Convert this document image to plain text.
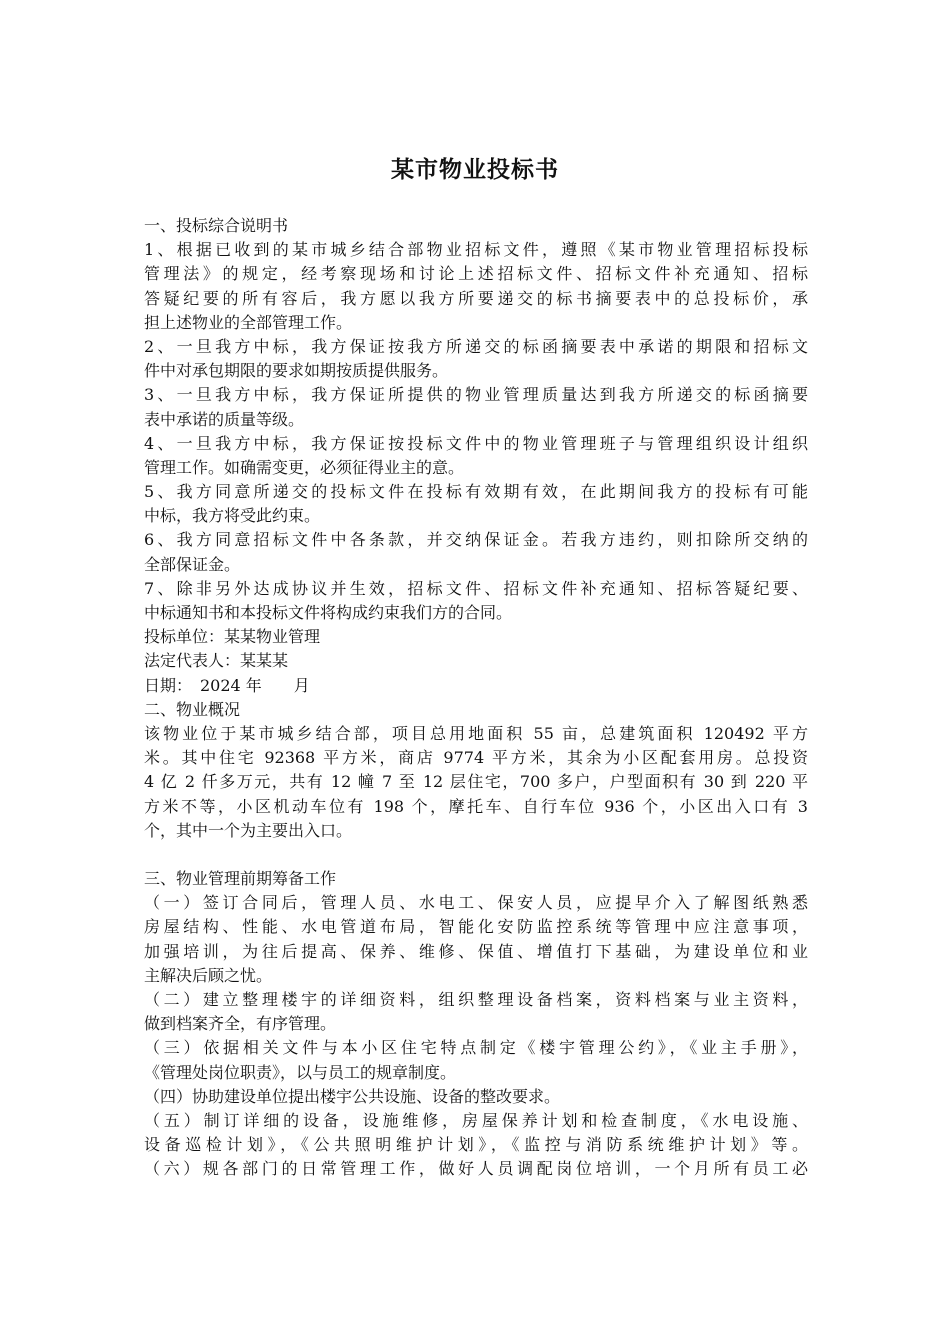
某市物业投标书
一、投标综合说明书
1、根据已收到的某市城乡结合部物业招标文件，遵照《某市物业管理招标投标
管理法》的规定，经考察现场和讨论上述招标文件、招标文件补充通知、招标
答疑纪要的所有容后，我方愿以我方所要递交的标书摘要表中的总投标价，承
担上述物业的全部管理工作。
2、一旦我方中标，我方保证按我方所递交的标函摘要表中承诺的期限和招标文
件中对承包期限的要求如期按质提供服务。
3、一旦我方中标，我方保证所提供的物业管理质量达到我方所递交的标函摘要
表中承诺的质量等级。
4、一旦我方中标，我方保证按投标文件中的物业管理班子与管理组织设计组织
管理工作。如确需变更，必须征得业主的意。
5、我方同意所递交的投标文件在投标有效期有效，在此期间我方的投标有可能
中标，我方将受此约束。
6、我方同意招标文件中各条款，并交纳保证金。若我方违约，则扣除所交纳的
全部保证金。
7、除非另外达成协议并生效，招标文件、招标文件补充通知、招标答疑纪要、
中标通知书和本投标文件将构成约束我们方的合同。
投标单位：某某物业管理
法定代表人：某某某
日期：　2024 年　　月
二、物业概况
该物业位于某市城乡结合部，项目总用地面积 55 亩，总建筑面积 120492 平方
米。其中住宅 92368 平方米，商店 9774 平方米，其余为小区配套用房。总投资
4 亿 2 仟多万元，共有 12 幢 7 至 12 层住宅，700 多户，户型面积有 30 到 220 平
方米不等，小区机动车位有 198 个，摩托车、自行车位 936 个，小区出入口有 3
个，其中一个为主要出入口。
三、物业管理前期筹备工作
（一）签订合同后，管理人员、水电工、保安人员，应提早介入了解图纸熟悉
房屋结构、性能、水电管道布局，智能化安防监控系统等管理中应注意事项，
加强培训，为往后提高、保养、维修、保值、增值打下基础，为建设单位和业
主解决后顾之忧。
（二）建立整理楼宇的详细资料，组织整理设备档案，资料档案与业主资料，
做到档案齐全，有序管理。
（三）依据相关文件与本小区住宅特点制定《楼宇管理公约》，《业主手册》，
《管理处岗位职责》，以与员工的规章制度。
（四）协助建设单位提出楼宇公共设施、设备的整改要求。
（五）制订详细的设备，设施维修，房屋保养计划和检查制度，《水电设施、
设备巡检计划》，《公共照明维护计划》，《监控与消防系统维护计划》等。
（六）规各部门的日常管理工作，做好人员调配岗位培训，一个月所有员工必
